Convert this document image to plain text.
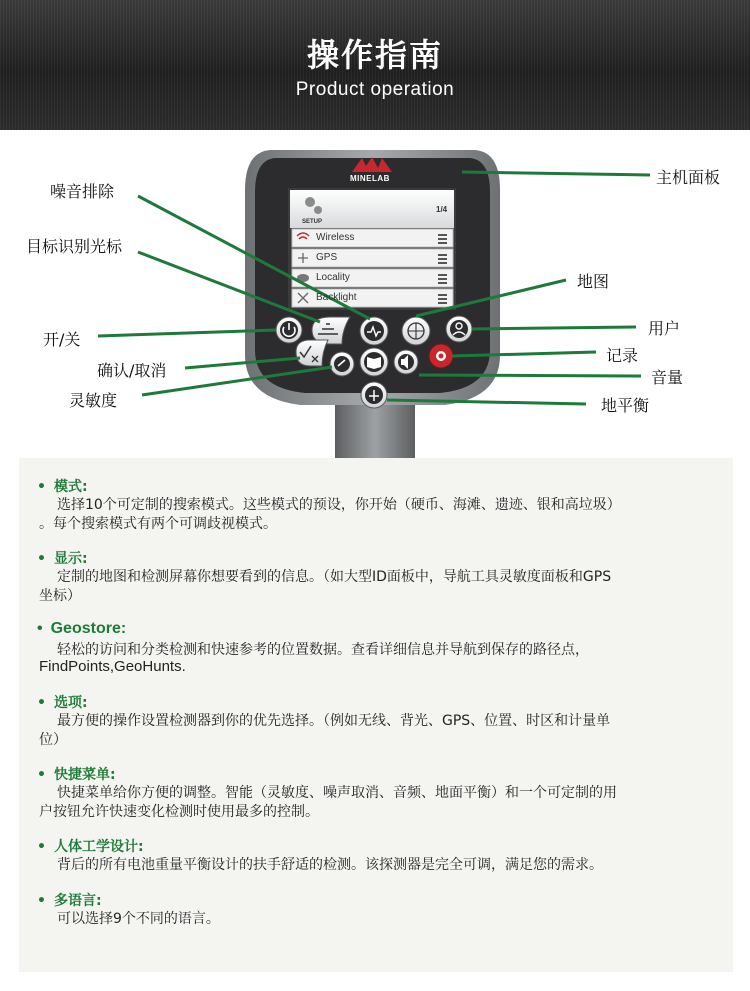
操作指南
Product operation
MINELAB
SETUP
1/4
Wireless
GPS
Locality
Backlight
主机面板
噪音排除
目标识别光标
开/关
确认/取消
灵敏度
地图
用户
记录
音量
地平衡
• 模式:
选择10个可定制的搜索模式。这些模式的预设，你开始（硬币、海滩、遗迹、银和高垃圾）
。每个搜索模式有两个可调歧视模式。
• 显示:
定制的地图和检测屏幕你想要看到的信息。（如大型ID面板中，导航工具灵敏度面板和GPS
坐标）
• Geostore:
轻松的访问和分类检测和快速参考的位置数据。查看详细信息并导航到保存的路径点，
FindPoints,GeoHunts.
• 选项:
最方便的操作设置检测器到你的优先选择。（例如无线、背光、GPS、位置、时区和计量单
位）
• 快捷菜单:
快捷菜单给你方便的调整。智能（灵敏度、噪声取消、音频、地面平衡）和一个可定制的用
户按钮允许快速变化检测时使用最多的控制。
• 人体工学设计:
背后的所有电池重量平衡设计的扶手舒适的检测。该探测器是完全可调，满足您的需求。
• 多语言:
可以选择9个不同的语言。
